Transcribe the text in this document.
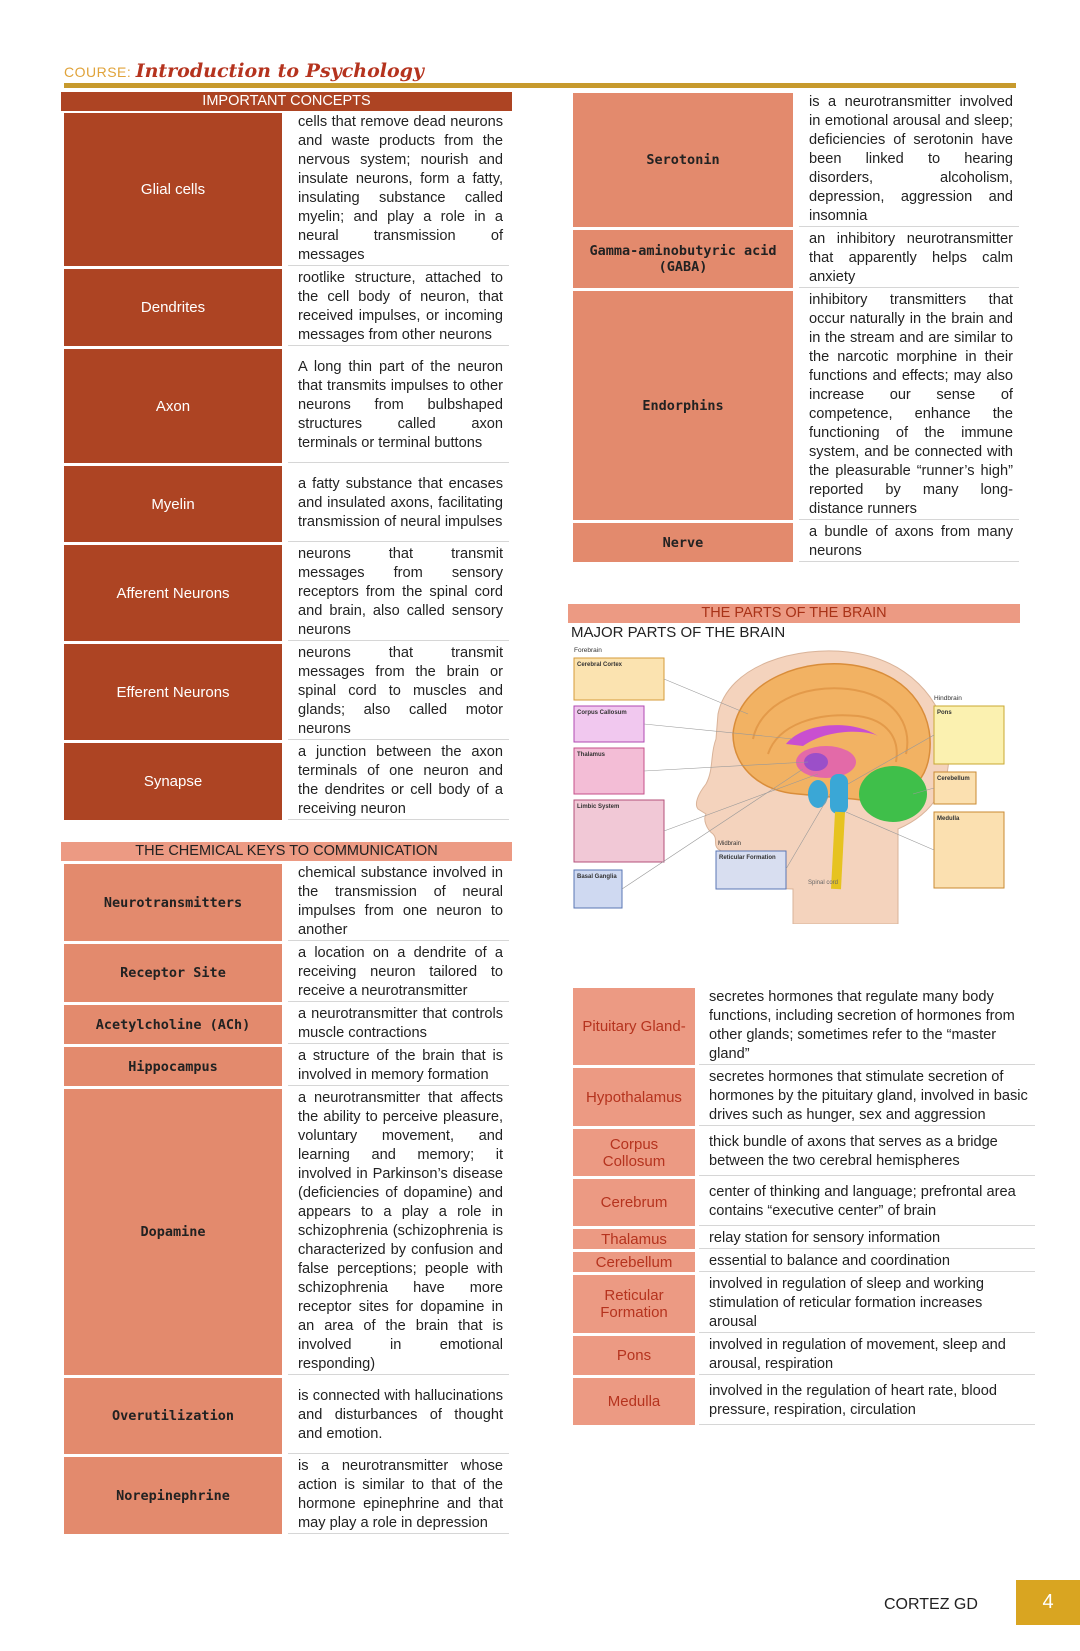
COURSE: Introduction to Psychology
IMPORTANT CONCEPTS
Glial cells		cells that remove dead neurons and waste products from the nervous system; nourish and insulate neurons, form a fatty, insulating substance called myelin; and play a role in a neural transmission of messages
Dendrites		rootlike structure, attached to the cell body of neuron, that received impulses, or incoming messages from other neurons
Axon		A long thin part of the neuron that transmits impulses to other neurons from bulbshaped structures called axon terminals or terminal buttons
Myelin		a fatty substance that encases and insulated axons, facilitating transmission of neural impulses
Afferent Neurons		neurons that transmit messages from sensory receptors from the spinal cord and brain, also called sensory neurons
Efferent Neurons		neurons that transmit messages from the brain or spinal cord to muscles and glands; also called motor neurons
Synapse		a junction between the axon terminals of one neuron and the dendrites or cell body of a receiving neuron
THE CHEMICAL KEYS TO COMMUNICATION
Neurotransmitters		chemical substance involved in the transmission of neural impulses from one neuron to another
Receptor Site		a location on a dendrite of a receiving neuron tailored to receive a neurotransmitter
Acetylcholine (ACh)		a neurotransmitter that controls muscle contractions
Hippocampus		a structure of the brain that is involved in memory formation
Dopamine		a neurotransmitter that affects the ability to perceive pleasure, voluntary movement, and learning and memory; it involved in Parkinson’s disease (deficiencies of dopamine) and appears to a play a role in schizophrenia (schizophrenia is characterized by confusion and false perceptions; people with schizophrenia have more receptor sites for dopamine in an area of the brain that is involved in emotional responding)
Overutilization		is connected with hallucinations and disturbances of thought and emotion.
Norepinephrine		is a neurotransmitter whose action is similar to that of the hormone epinephrine and that may play a role in depression
Serotonin		is a neurotransmitter involved in emotional arousal and sleep; deficiencies of serotonin have been linked to hearing disorders, alcoholism, depression, aggression and insomnia
Gamma-aminobutyric acid (GABA)		an inhibitory neurotransmitter that apparently helps calm anxiety
Endorphins		inhibitory transmitters that occur naturally in the brain and in the stream and are similar to the narcotic morphine in their functions and effects; may also increase our sense of competence, enhance the functioning of the immune system, and be connected with the pleasurable “runner’s high” reported by many long-distance runners
Nerve		a bundle of axons from many neurons
THE PARTS OF THE BRAIN
MAJOR PARTS OF THE BRAIN
Forebrain
Cerebral Cortex
Corpus Callosum
Thalamus
Limbic System
Basal Ganglia
Midbrain
Reticular Formation
Spinal cord
Hindbrain
Pons
Cerebellum
Medulla
Pituitary Gland-		secretes hormones that regulate many body functions, including secretion of hormones from other glands; sometimes refer to the “master gland”
Hypothalamus		secretes hormones that stimulate secretion of hormones by the pituitary gland, involved in basic drives such as hunger, sex and aggression
Corpus Collosum		thick bundle of axons that serves as a bridge between the two cerebral hemispheres
Cerebrum		center of thinking and language; prefrontal area contains “executive center” of brain
Thalamus		relay station for sensory information
Cerebellum		essential to balance and coordination
Reticular Formation		involved in regulation of sleep and working stimulation of reticular formation increases arousal
Pons		involved in regulation of movement, sleep and arousal, respiration
Medulla		involved in the regulation of heart rate, blood pressure, respiration, circulation
CORTEZ GD	4
